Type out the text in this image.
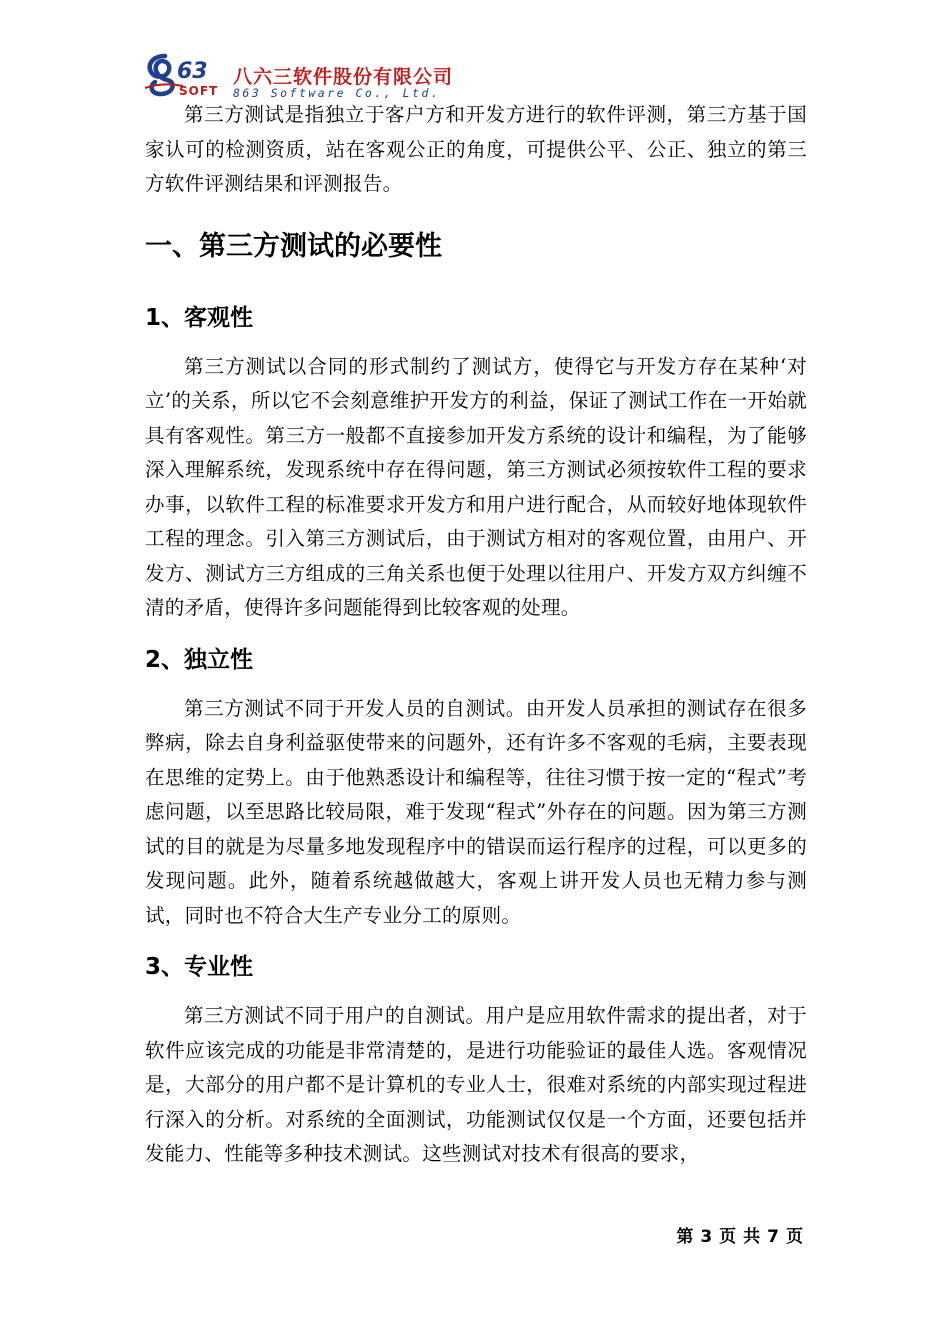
63
SOFT
八六三软件股份有限公司
863 Software Co., Ltd.

第三方测试是指独立于客户方和开发方进行的软件评测，第三方基于国家认可的检测资质，站在客观公正的角度，可提供公平、公正、独立的第三方软件评测结果和评测报告。

一、第三方测试的必要性
1、客观性

第三方测试以合同的形式制约了测试方，使得它与开发方存在某种‘对立’的关系，所以它不会刻意维护开发方的利益，保证了测试工作在一开始就具有客观性。第三方一般都不直接参加开发方系统的设计和编程，为了能够深入理解系统，发现系统中存在得问题，第三方测试必须按软件工程的要求办事，以软件工程的标准要求开发方和用户进行配合，从而较好地体现软件工程的理念。引入第三方测试后，由于测试方相对的客观位置，由用户、开发方、测试方三方组成的三角关系也便于处理以往用户、开发方双方纠缠不清的矛盾，使得许多问题能得到比较客观的处理。

2、独立性

第三方测试不同于开发人员的自测试。由开发人员承担的测试存在很多弊病，除去自身利益驱使带来的问题外，还有许多不客观的毛病，主要表现在思维的定势上。由于他熟悉设计和编程等，往往习惯于按一定的“程式”考虑问题，以至思路比较局限，难于发现“程式”外存在的问题。因为第三方测试的目的就是为尽量多地发现程序中的错误而运行程序的过程，可以更多的发现问题。此外，随着系统越做越大，客观上讲开发人员也无精力参与测试，同时也不符合大生产专业分工的原则。

3、专业性

第三方测试不同于用户的自测试。用户是应用软件需求的提出者，对于软件应该完成的功能是非常清楚的，是进行功能验证的最佳人选。客观情况是，大部分的用户都不是计算机的专业人士，很难对系统的内部实现过程进行深入的分析。对系统的全面测试，功能测试仅仅是一个方面，还要包括并发能力、性能等多种技术测试。这些测试对技术有很高的要求，

第 3 页 共 7 页
